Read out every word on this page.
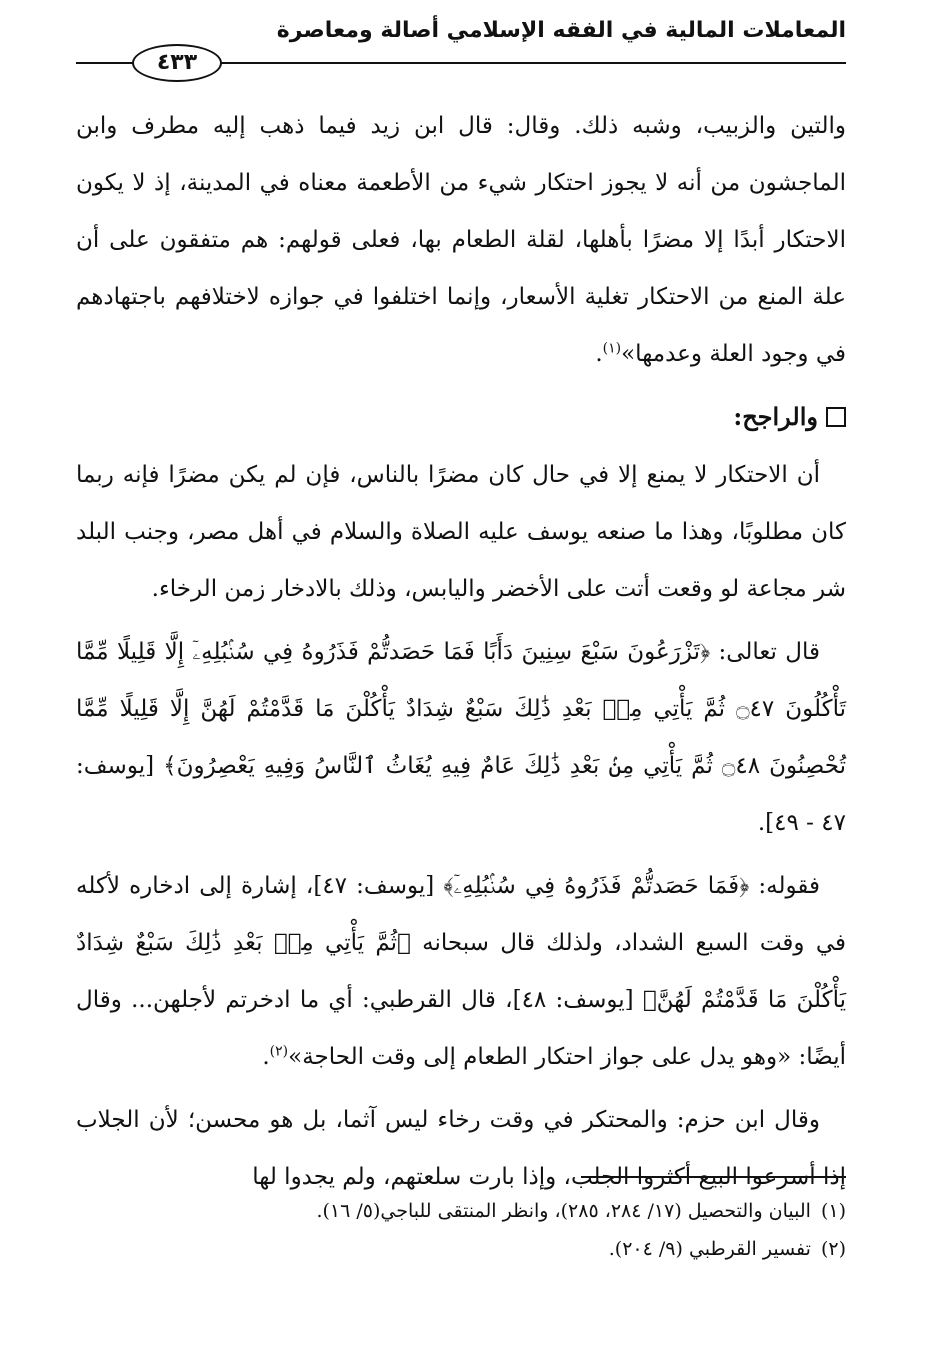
المعاملات المالية في الفقه الإسلامي أصالة ومعاصرة
٤٣٣

والتين والزبيب، وشبه ذلك. وقال: قال ابن زيد فيما ذهب إليه مطرف وابن الماجشون من أنه لا يجوز احتكار شيء من الأطعمة معناه في المدينة، إذ لا يكون الاحتكار أبدًا إلا مضرًا بأهلها، لقلة الطعام بها، فعلى قولهم: هم متفقون على أن علة المنع من الاحتكار تغلية الأسعار، وإنما اختلفوا في جوازه لاختلافهم باجتهادهم في وجود العلة وعدمها»$^{(١)}$.

والراجح:

أن الاحتكار لا يمنع إلا في حال كان مضرًا بالناس، فإن لم يكن مضرًا فإنه ربما كان مطلوبًا، وهذا ما صنعه يوسف عليه الصلاة والسلام في أهل مصر، وجنب البلد شر مجاعة لو وقعت أتت على الأخضر واليابس، وذلك بالادخار زمن الرخاء.

قال تعالى: ﴿تَزْرَعُونَ سَبْعَ سِنِينَ دَأَبًا فَمَا حَصَدتُّمْ فَذَرُوهُ فِي سُنۢبُلِهِۦٓ إِلَّا قَلِيلًا مِّمَّا تَأْكُلُونَ ۝٤٧ ثُمَّ يَأْتِي مِنۢ بَعْدِ ذَٰلِكَ سَبْعٌ شِدَادٌ يَأْكُلْنَ مَا قَدَّمْتُمْ لَهُنَّ إِلَّا قَلِيلًا مِّمَّا تُحْصِنُونَ ۝٤٨ ثُمَّ يَأْتِي مِنۢ بَعْدِ ذَٰلِكَ عَامٌ فِيهِ يُغَاثُ ٱلنَّاسُ وَفِيهِ يَعْصِرُونَ﴾ [يوسف: ٤٧ - ٤٩].

فقوله: ﴿فَمَا حَصَدتُّمْ فَذَرُوهُ فِي سُنۢبُلِهِۦٓ﴾ [يوسف: ٤٧]، إشارة إلى ادخاره لأكله في وقت السبع الشداد، ولذلك قال سبحانه ﴿ثُمَّ يَأْتِي مِنۢ بَعْدِ ذَٰلِكَ سَبْعٌ شِدَادٌ يَأْكُلْنَ مَا قَدَّمْتُمْ لَهُنَّ﴾ [يوسف: ٤٨]، قال القرطبي: أي ما ادخرتم لأجلهن... وقال أيضًا: «وهو يدل على جواز احتكار الطعام إلى وقت الحاجة»$^{(٢)}$.

وقال ابن حزم: والمحتكر في وقت رخاء ليس آثما، بل هو محسن؛ لأن الجلاب إذا أسرعوا البيع أكثروا الجلب، وإذا بارت سلعتهم، ولم يجدوا لها

(١)البيان والتحصيل (١٧/ ٢٨٤، ٢٨٥)، وانظر المنتقى للباجي(٥/ ١٦).

(٢)تفسير القرطبي (٩/ ٢٠٤).
